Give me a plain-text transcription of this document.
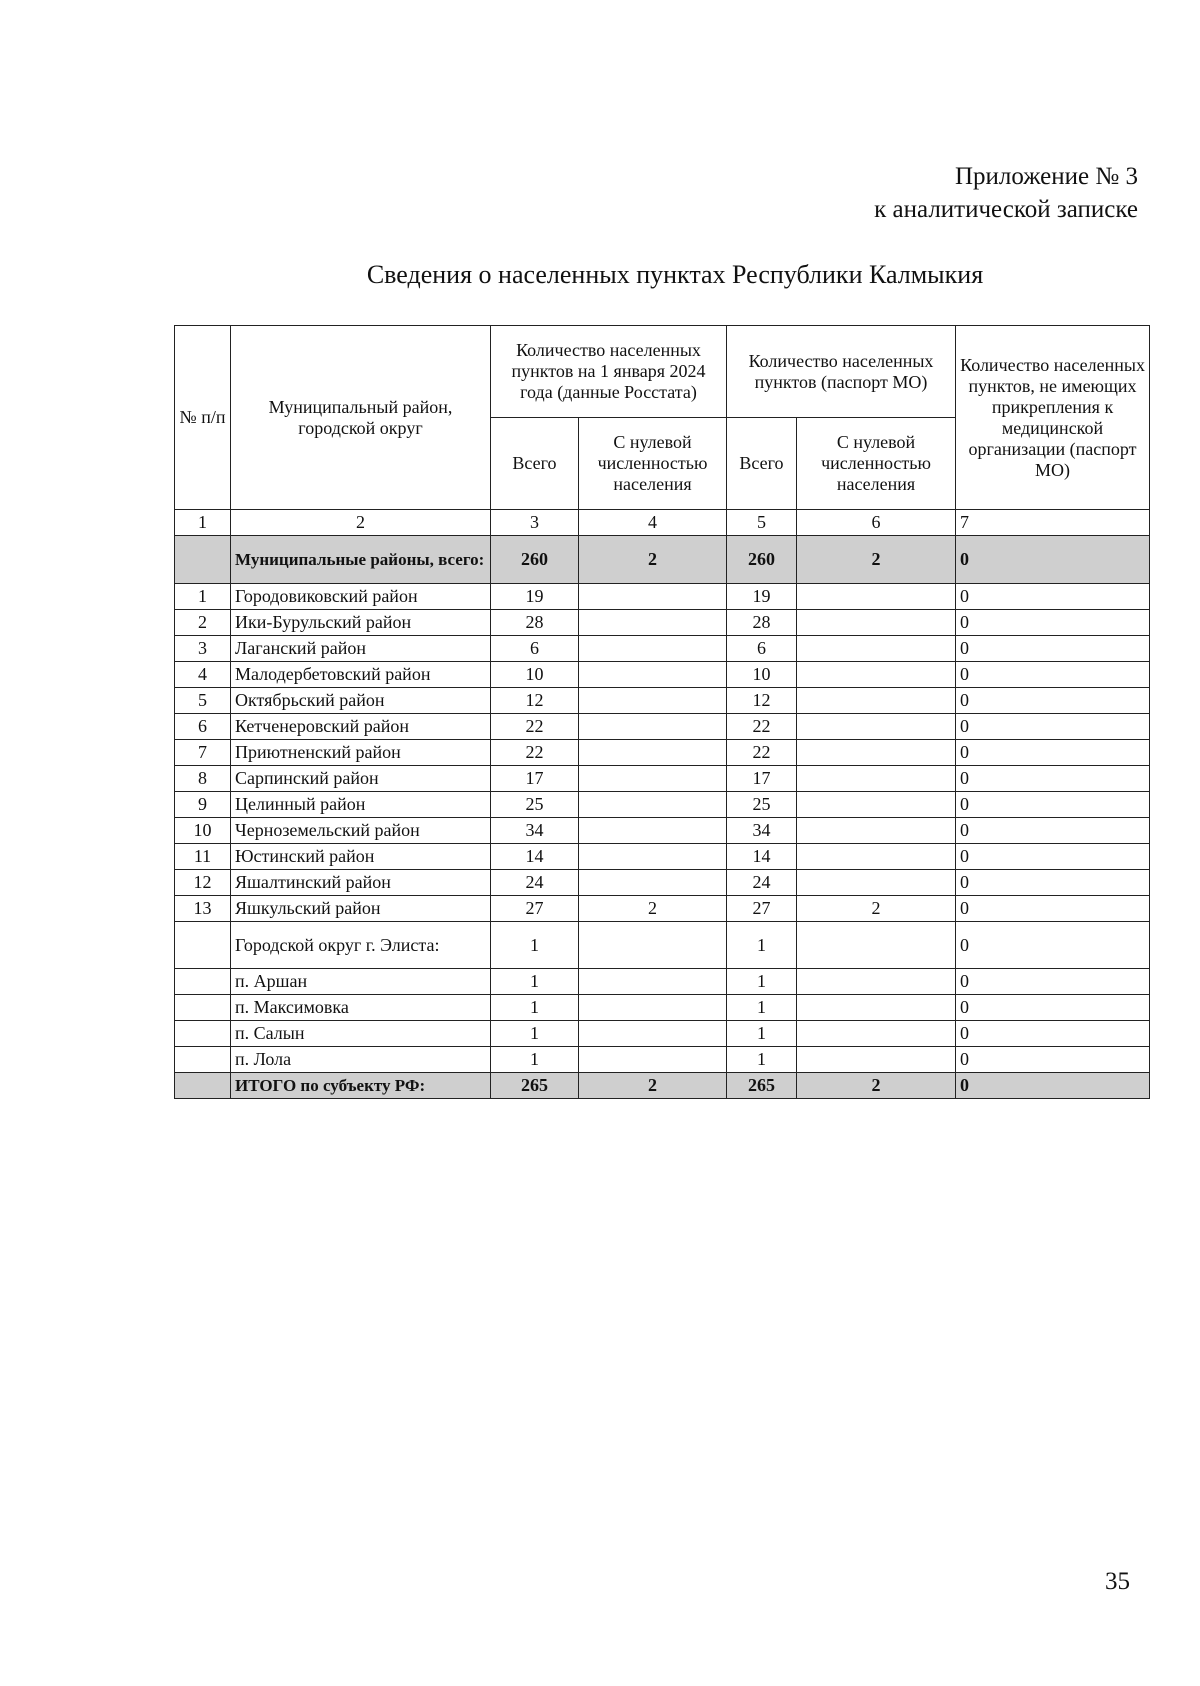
Приложение № 3
к аналитической записке
Сведения о населенных пунктах Республики Калмыкия
№ п/п	Муниципальный район, городской округ	Количество населенных пунктов на 1 января 2024 года (данные Росстата)		Количество населенных пунктов (паспорт МО)		Количество населенных пунктов, не имеющих прикрепления к медицинской организации (паспорт МО)
		Всего	С нулевой численностью населения	Всего	С нулевой численностью населения	
1	2	3	4	5	6	7
	Муниципальные районы, всего:	260	2	260	2	0
1	Городовиковский район	19		19		0
2	Ики-Бурульский район	28		28		0
3	Лаганский район	6		6		0
4	Малодербетовский район	10		10		0
5	Октябрьский район	12		12		0
6	Кетченеровский район	22		22		0
7	Приютненский район	22		22		0
8	Сарпинский район	17		17		0
9	Целинный район	25		25		0
10	Черноземельский район	34		34		0
11	Юстинский район	14		14		0
12	Яшалтинский район	24		24		0
13	Яшкульский район	27	2	27	2	0
	Городской округ г. Элиста:	1		1		0
	п. Аршан	1		1		0
	п. Максимовка	1		1		0
	п. Салын	1		1		0
	п. Лола	1		1		0
	ИТОГО по субъекту РФ:	265	2	265	2	0
35
